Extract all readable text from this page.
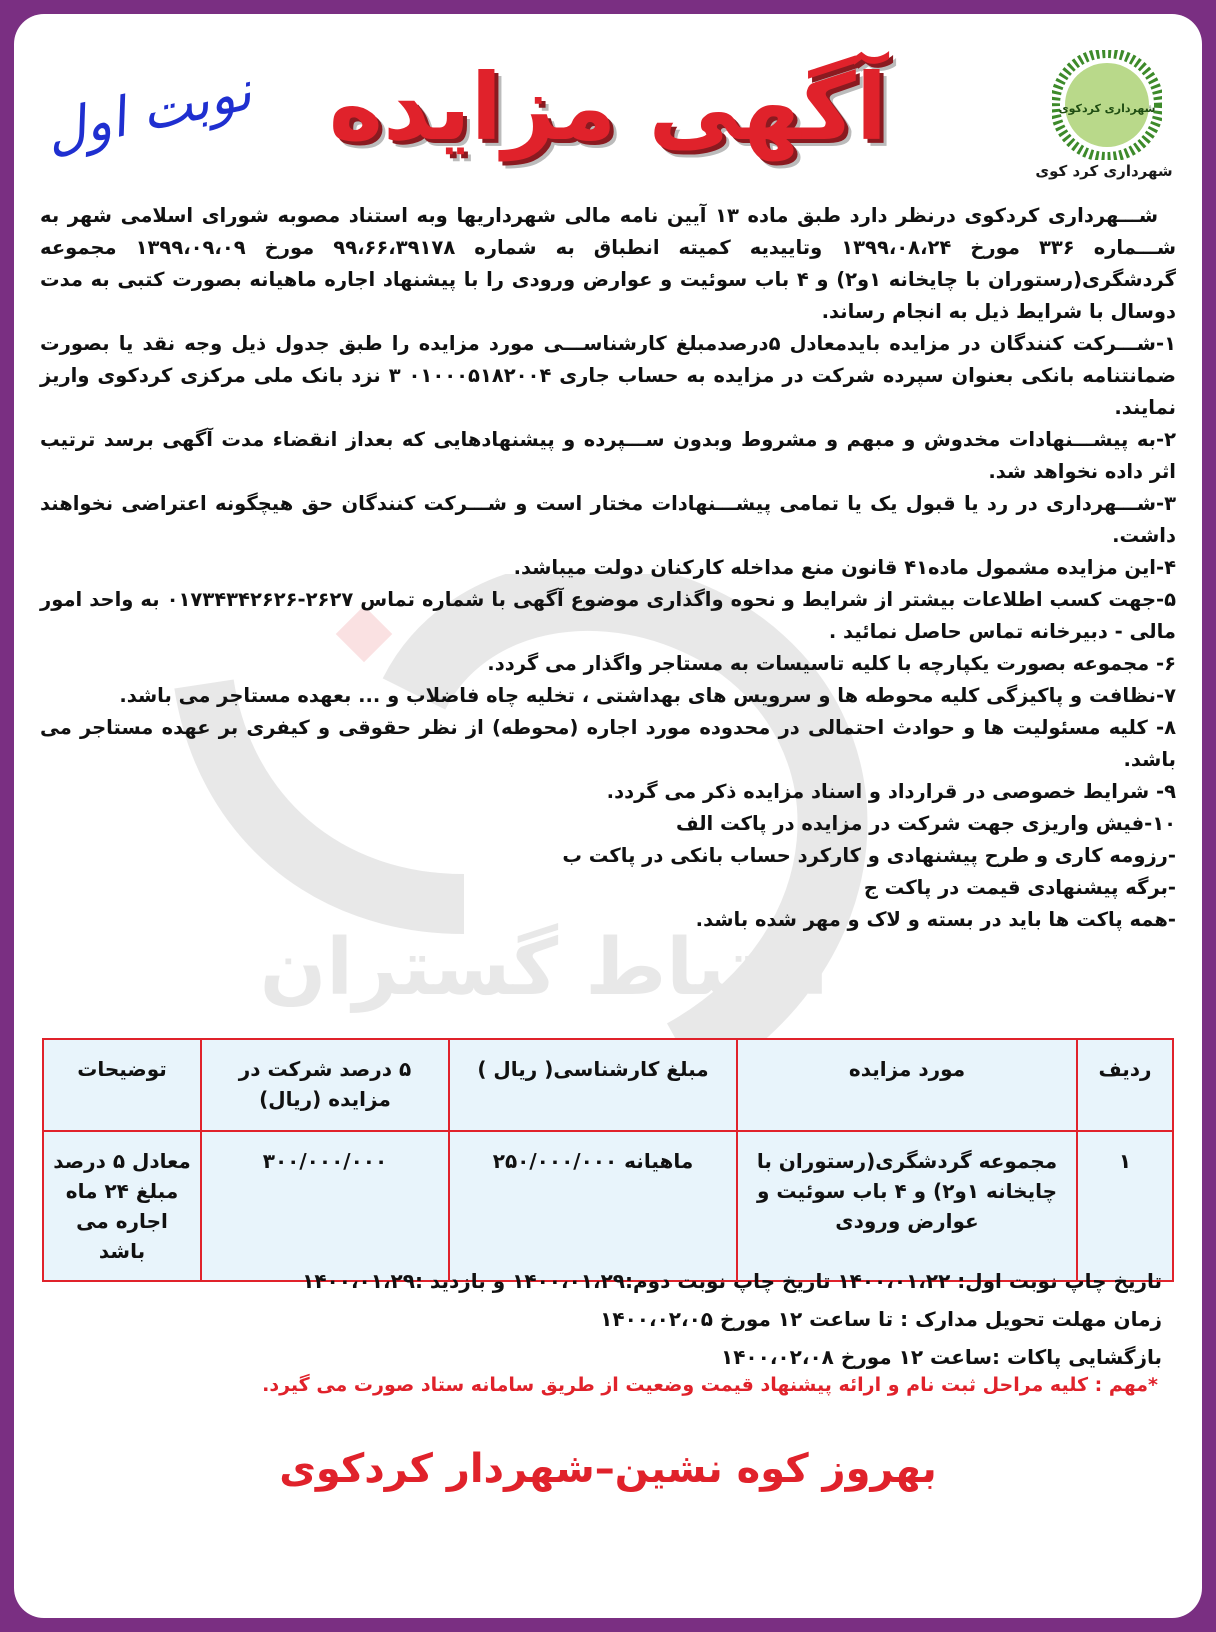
ارتباط گستران
شهرداری کردکوی
شهرداری کرد کوی
آگهی مزایده
نوبت اول

شـــهرداری کردکوی درنظر دارد طبق ماده ۱۳ آیین نامه مالی شهرداریها وبه استناد مصوبه شورای اسلامی شهر به شـــماره ۳۳۶ مورخ ۱۳۹۹،۰۸،۲۴ وتاییدیه کمیته انطباق به شماره ۹۹،۶۶،۳۹۱۷۸ مورخ ۱۳۹۹،۰۹،۰۹ مجموعه گردشگری(رستوران با چایخانه ۱و۲) و ۴ باب سوئیت و عوارض ورودی را با پیشنهاد اجاره ماهیانه بصورت کتبی به مدت دوسال با شرایط ذیل به انجام رساند.

۱-شـــرکت کنندگان در مزایده بایدمعادل ۵درصدمبلغ کارشناســـی مورد مزایده را طبق جدول ذیل وجه نقد یا بصورت ضمانتنامه بانکی بعنوان سپرده شرکت در مزایده به حساب جاری ۰۱۰۰۰۵۱۸۲۰۰۴ ۳ نزد بانک ملی مرکزی کردکوی واریز نمایند.

۲-به پیشـــنهادات مخدوش و مبهم و مشروط وبدون ســـپرده و پیشنهادهایی که بعداز انقضاء مدت آگهی برسد ترتیب اثر داده نخواهد شد.

۳-شـــهرداری در رد یا قبول یک یا تمامی پیشـــنهادات مختار است و شـــرکت کنندگان حق هیچگونه اعتراضی نخواهند داشت.

۴-این مزایده مشمول ماده۴۱ قانون منع مداخله کارکنان دولت میباشد.

۵-جهت کسب اطلاعات بیشتر از شرایط و نحوه واگذاری موضوع آگهی با شماره تماس ۲۶۲۷-۰۱۷۳۴۳۴۲۶۲۶ به واحد امور مالی - دبیرخانه تماس حاصل نمائید .

۶- مجموعه بصورت یکپارچه با کلیه تاسیسات به مستاجر واگذار می گردد.

۷-نظافت و پاکیزگی کلیه محوطه ها و سرویس های بهداشتی ، تخلیه چاه فاضلاب و ... بعهده مستاجر می باشد.

۸- کلیه مسئولیت ها و حوادث احتمالی در محدوده مورد اجاره (محوطه) از نظر حقوقی و کیفری بر عهده مستاجر می باشد.

۹- شرایط خصوصی در قرارداد و اسناد مزایده ذکر می گردد.

۱۰-فیش واریزی جهت شرکت در مزایده در پاکت الف

-رزومه کاری و طرح پیشنهادی و کارکرد حساب بانکی در پاکت ب

-برگه پیشنهادی قیمت در پاکت ج

-همه پاکت ها باید در بسته و لاک و مهر شده باشد.

ردیف	مورد مزایده	مبلغ کارشناسی( ریال )	۵ درصد شرکت در مزایده (ریال)	توضیحات
۱	مجموعه گردشگری(رستوران با چایخانه ۱و۲) و ۴ باب سوئیت و عوارض ورودی	ماهیانه ۲۵۰/۰۰۰/۰۰۰	۳۰۰/۰۰۰/۰۰۰	معادل ۵ درصد مبلغ ۲۴ ماه اجاره می باشد
تاریخ چاپ نوبت اول: ۱۴۰۰،۰۱،۲۲ تاریخ چاپ نوبت دوم:۱۴۰۰،۰۱،۲۹ و بازدید :۱۴۰۰،۰۱،۲۹
زمان مهلت تحویل مدارک : تا ساعت ۱۲ مورخ ۱۴۰۰،۰۲،۰۵
بازگشایی پاکات :ساعت ۱۲ مورخ ۱۴۰۰،۰۲،۰۸
*مهم : کلیه مراحل ثبت نام و ارائه پیشنهاد قیمت وضعیت از طریق سامانه ستاد صورت می گیرد.
بهروز کوه نشین–شهردار کردکوی
